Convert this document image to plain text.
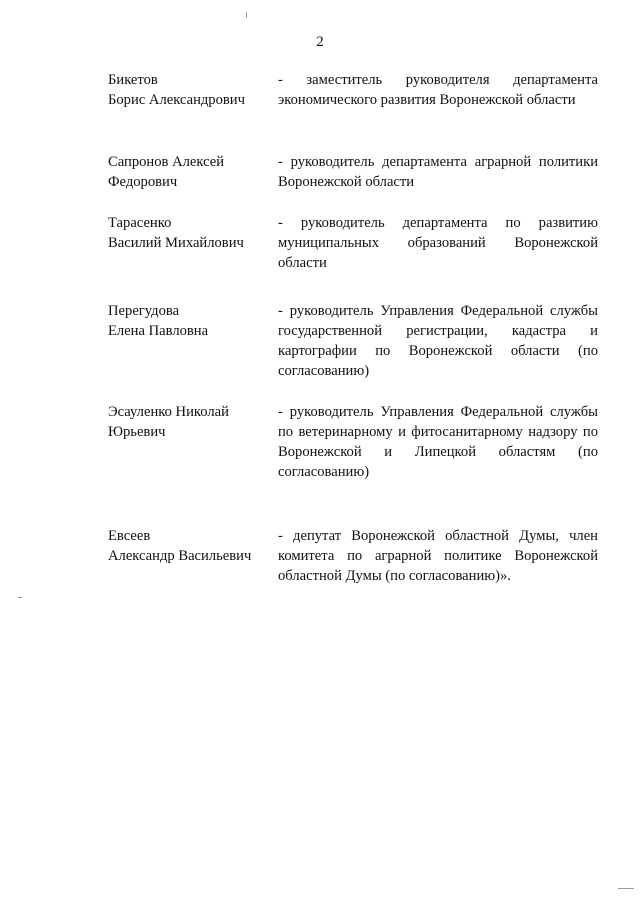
2
Бикетов
Борис Александрович
- заместитель руководителя департамента экономического развития Воронежской области
Сапронов Алексей
Федорович
- руководитель департамента аграрной политики Воронежской области
Тарасенко
Василий Михайлович
- руководитель департамента по развитию муниципальных образований Воронежской области
Перегудова
Елена Павловна
- руководитель Управления Федеральной службы государственной регистрации, кадастра и картографии по Воронежской области (по согласованию)
Эсауленко Николай
Юрьевич
- руководитель Управления Федеральной службы по ветеринарному и фитосанитарному надзору по Воронежской и Липецкой областям (по согласованию)
Евсеев
Александр Васильевич
- депутат Воронежской областной Думы, член комитета по аграрной политике Воронежской областной Думы (по согласованию)».
